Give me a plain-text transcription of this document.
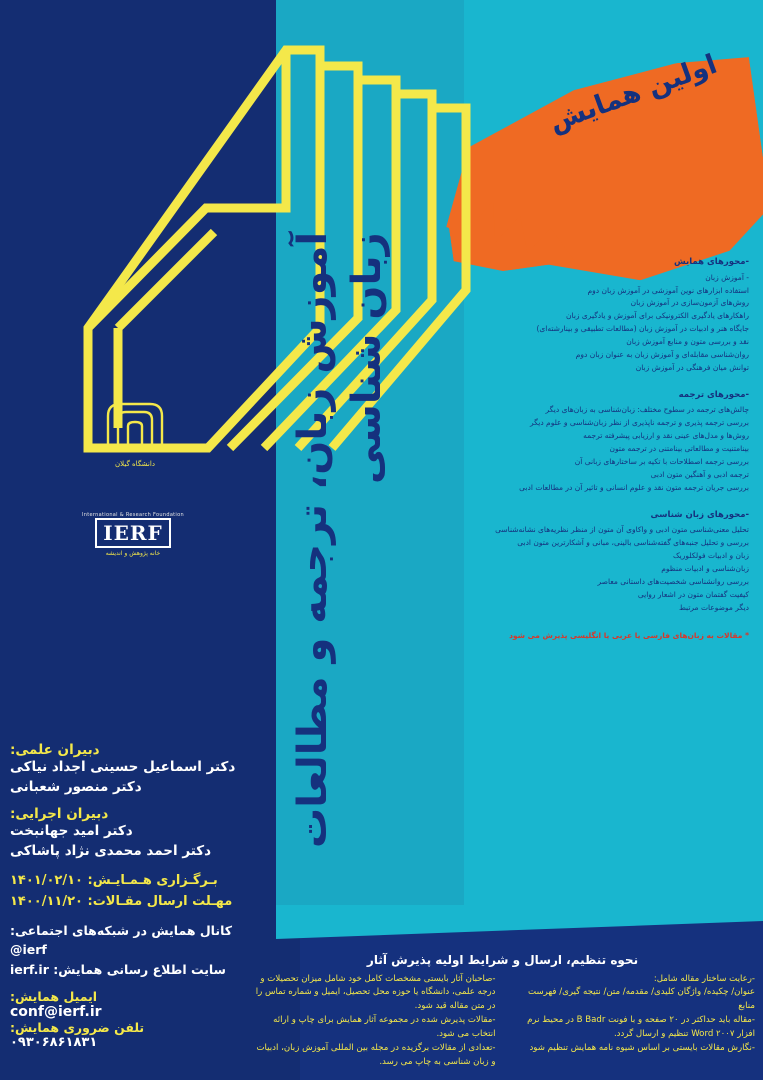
اولین همایش
دانشگاه گیلان
International & Research Foundation
IERF
خانه پژوهش و اندیشه	آموزش زبان، ترجمه و مطالعات زبان شناسی	-محورهای همایش
- آموزش زبان
استفاده ابزارهای نوین آموزشی در آموزش زبان دوم
روش‌های آزمون‌سازی در آموزش زبان
راهکارهای یادگیری الکترونیکی برای آموزش و یادگیری زبان
جایگاه هنر و ادبیات در آموزش زبان (مطالعات تطبیقی و بینارشته‌ای)
نقد و بررسی متون و منابع آموزش زبان
روان‌شناسی مقابله‌ای و آموزش زبان به عنوان زبان دوم
توانش میان فرهنگی در آموزش زبان
-محورهای ترجمه
چالش‌های ترجمه در سطوح مختلف: زبان‌شناسی به زبان‌های دیگر
بررسی ترجمه پذیری و ترجمه ناپذیری از نظر زبان‌شناسی و علوم دیگر
روش‌ها و مدل‌های عینی نقد و ارزیابی پیشرفته ترجمه
بینامتنیت و مطالعاتی بینامتنی در ترجمه متون
بررسی ترجمه اصطلاحات با تکیه بر ساختارهای زبانی آن
ترجمه ادبی و آهنگین متون ادبی
بررسی جریان ترجمه متون نقد و علوم انسانی و تاثیر آن در مطالعات ادبی
-محورهای زبان شناسی
تحلیل معنی‌شناسی متون ادبی و واکاوی آن متون از منظر نظریه‌های نشانه‌شناسی
بررسی و تحلیل جنبه‌های گفته‌شناسی بالینی، مبانی و آشکارترین متون ادبی
زبان و ادبیات فولکلوریک
زبان‌شناسی و ادبیات منظوم
بررسی روانشناسی شخصیت‌های داستانی معاصر
کیفیت گفتمان متون در اشعار روایی
دیگر موضوعات مرتبط
* مقالات به زبان‌های فارسی یا عربی یا انگلیسی پذیرش می شود
دبیران علمی:
دکتر اسماعیل حسینی اجداد نیاکی
دکتر منصور شعبانی
دبیران اجرایی:
دکتر امید جهانبخت
دکتر احمد محمدی نژاد پاشاکی
بـرگـزاری هـمـایـش: ۱۴۰۱/۰۲/۱۰
مهـلت ارسال مقـالات: ۱۴۰۰/۱۱/۲۰
کانال همایش در شبکه‌های اجتماعی: ierf@
سایت اطلاع رسانی همایش: ierf.ir
ایمیل همایش:
conf@ierf.ir
تلفن ضروری همایش:
۰۹۳۰۶۸۶۱۸۳۱
نحوه تنظیم، ارسال و شرایط اولیه پذیرش آثار
-رعایت ساختار مقاله شامل:
عنوان/ چکیده/ واژگان کلیدی/ مقدمه/ متن/ نتیجه گیری/ فهرست منابع
-مقاله باید حداکثر در ۲۰ صفحه و با فونت B Badr در محیط نرم افزار Word ۲۰۰۷ تنظیم و ارسال گردد.
-نگارش مقالات بایستی بر اساس شیوه نامه همایش تنظیم شود
-صاحبان آثار بایستی مشخصات کامل خود شامل میزان تحصیلات و درجه علمی، دانشگاه یا حوزه محل تحصیل، ایمیل و شماره تماس را در متن مقاله قید شود.
-مقالات پذیرش شده در مجموعه آثار همایش برای چاپ و ارائه انتخاب می شود.
-تعدادی از مقالات برگزیده در مجله بین المللی آموزش زبان، ادبیات و زبان شناسی به چاپ می رسد.
